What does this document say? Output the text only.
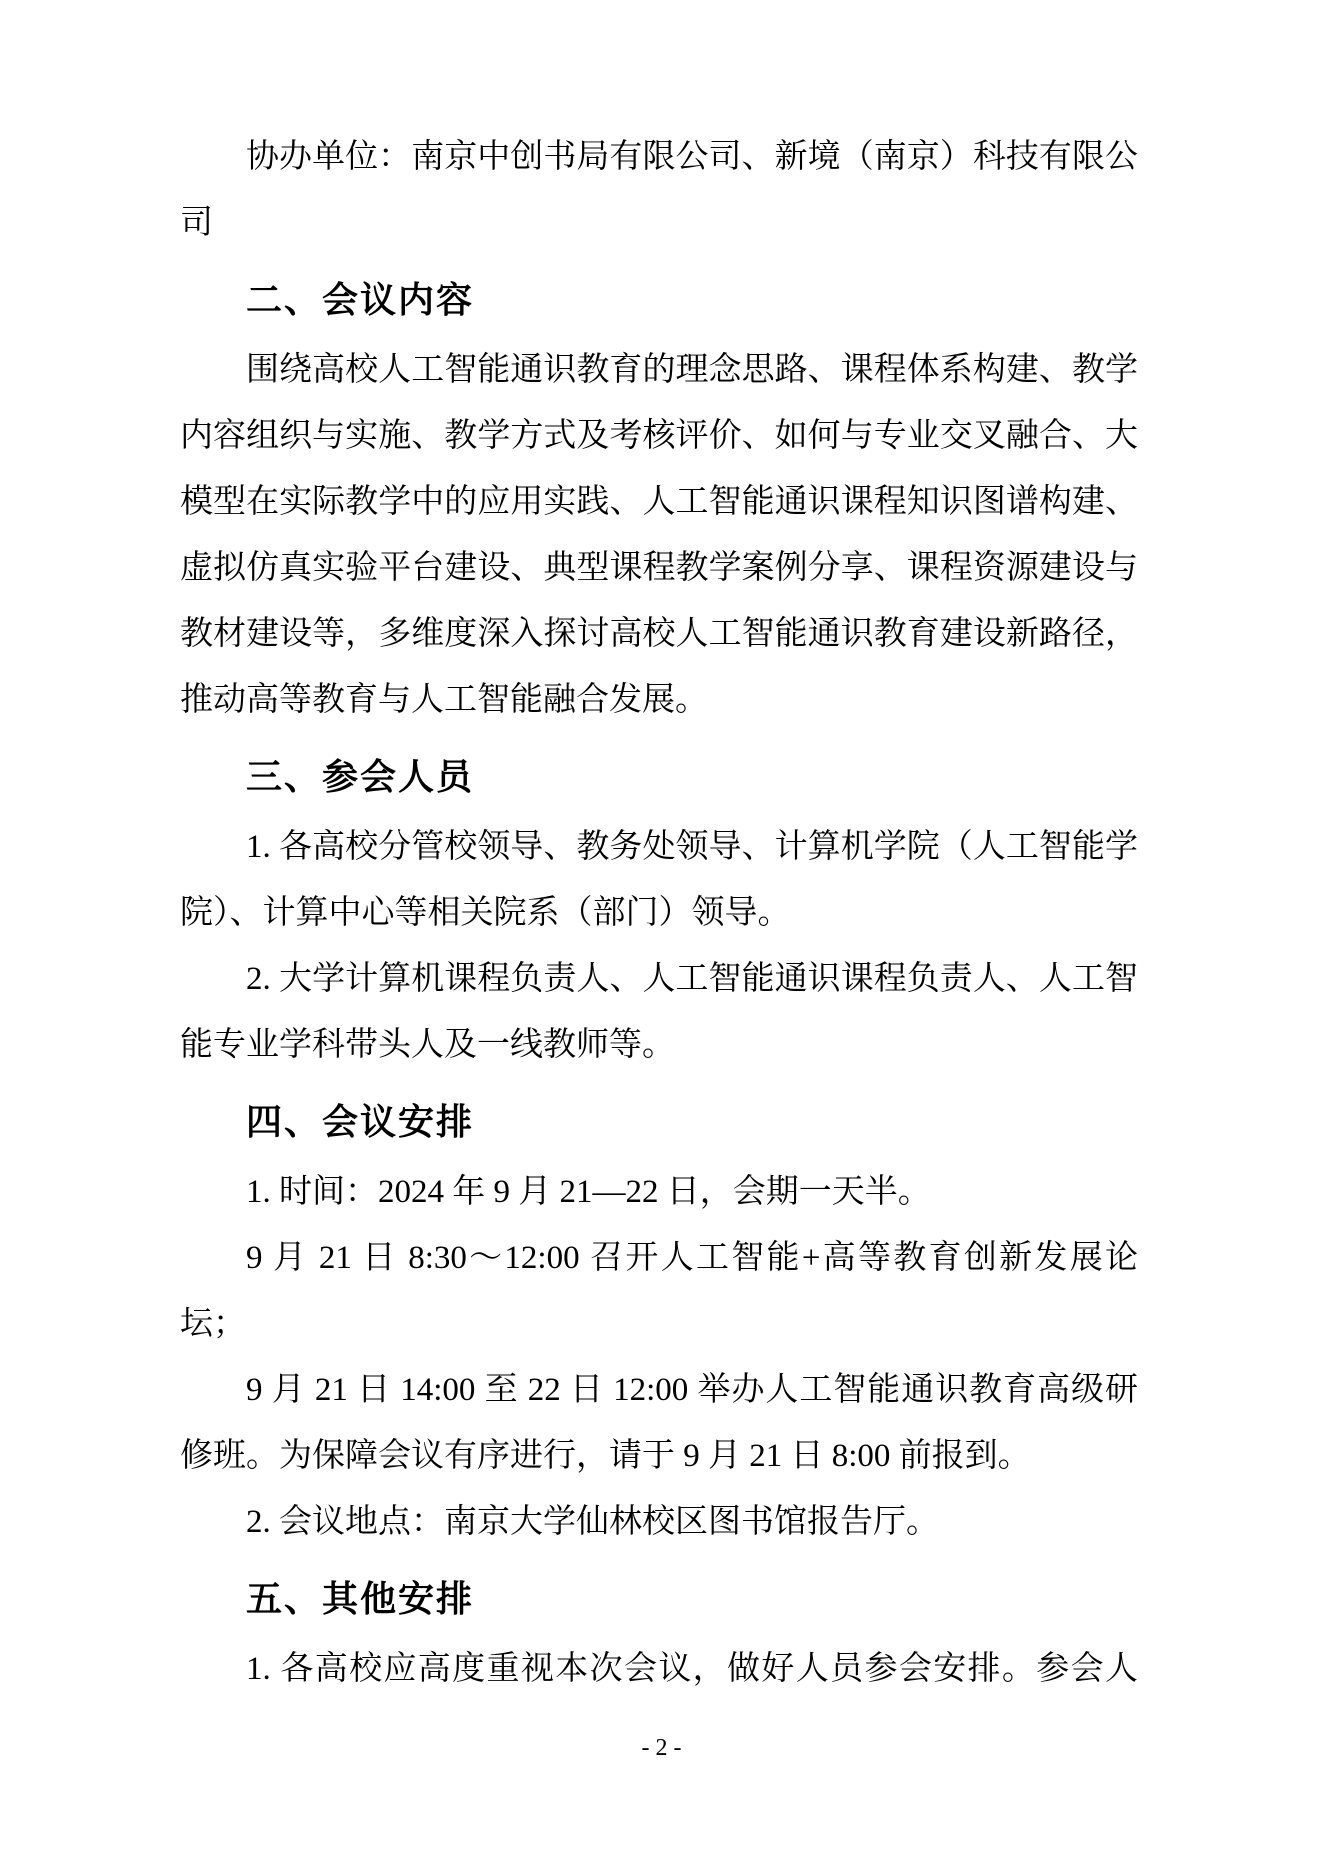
协办单位：南京中创书局有限公司、新境（南京）科技有限公
司
二、会议内容
围绕高校人工智能通识教育的理念思路、课程体系构建、教学
内容组织与实施、教学方式及考核评价、如何与专业交叉融合、大
模型在实际教学中的应用实践、人工智能通识课程知识图谱构建、
虚拟仿真实验平台建设、典型课程教学案例分享、课程资源建设与
教材建设等，多维度深入探讨高校人工智能通识教育建设新路径，
推动高等教育与人工智能融合发展。
三、参会人员
1. 各高校分管校领导、教务处领导、计算机学院（人工智能学
院）、计算中心等相关院系（部门）领导。
2. 大学计算机课程负责人、人工智能通识课程负责人、人工智
能专业学科带头人及一线教师等。
四、会议安排
1. 时间：2024 年 9 月 21—22 日，会期一天半。
9 月 21 日 8:30～12:00 召开人工智能+高等教育创新发展论
坛；
9 月 21 日 14:00 至 22 日 12:00 举办人工智能通识教育高级研
修班。为保障会议有序进行，请于 9 月 21 日 8:00 前报到。
2. 会议地点：南京大学仙林校区图书馆报告厅。
五、其他安排
1. 各高校应高度重视本次会议，做好人员参会安排。参会人
- 2 -
